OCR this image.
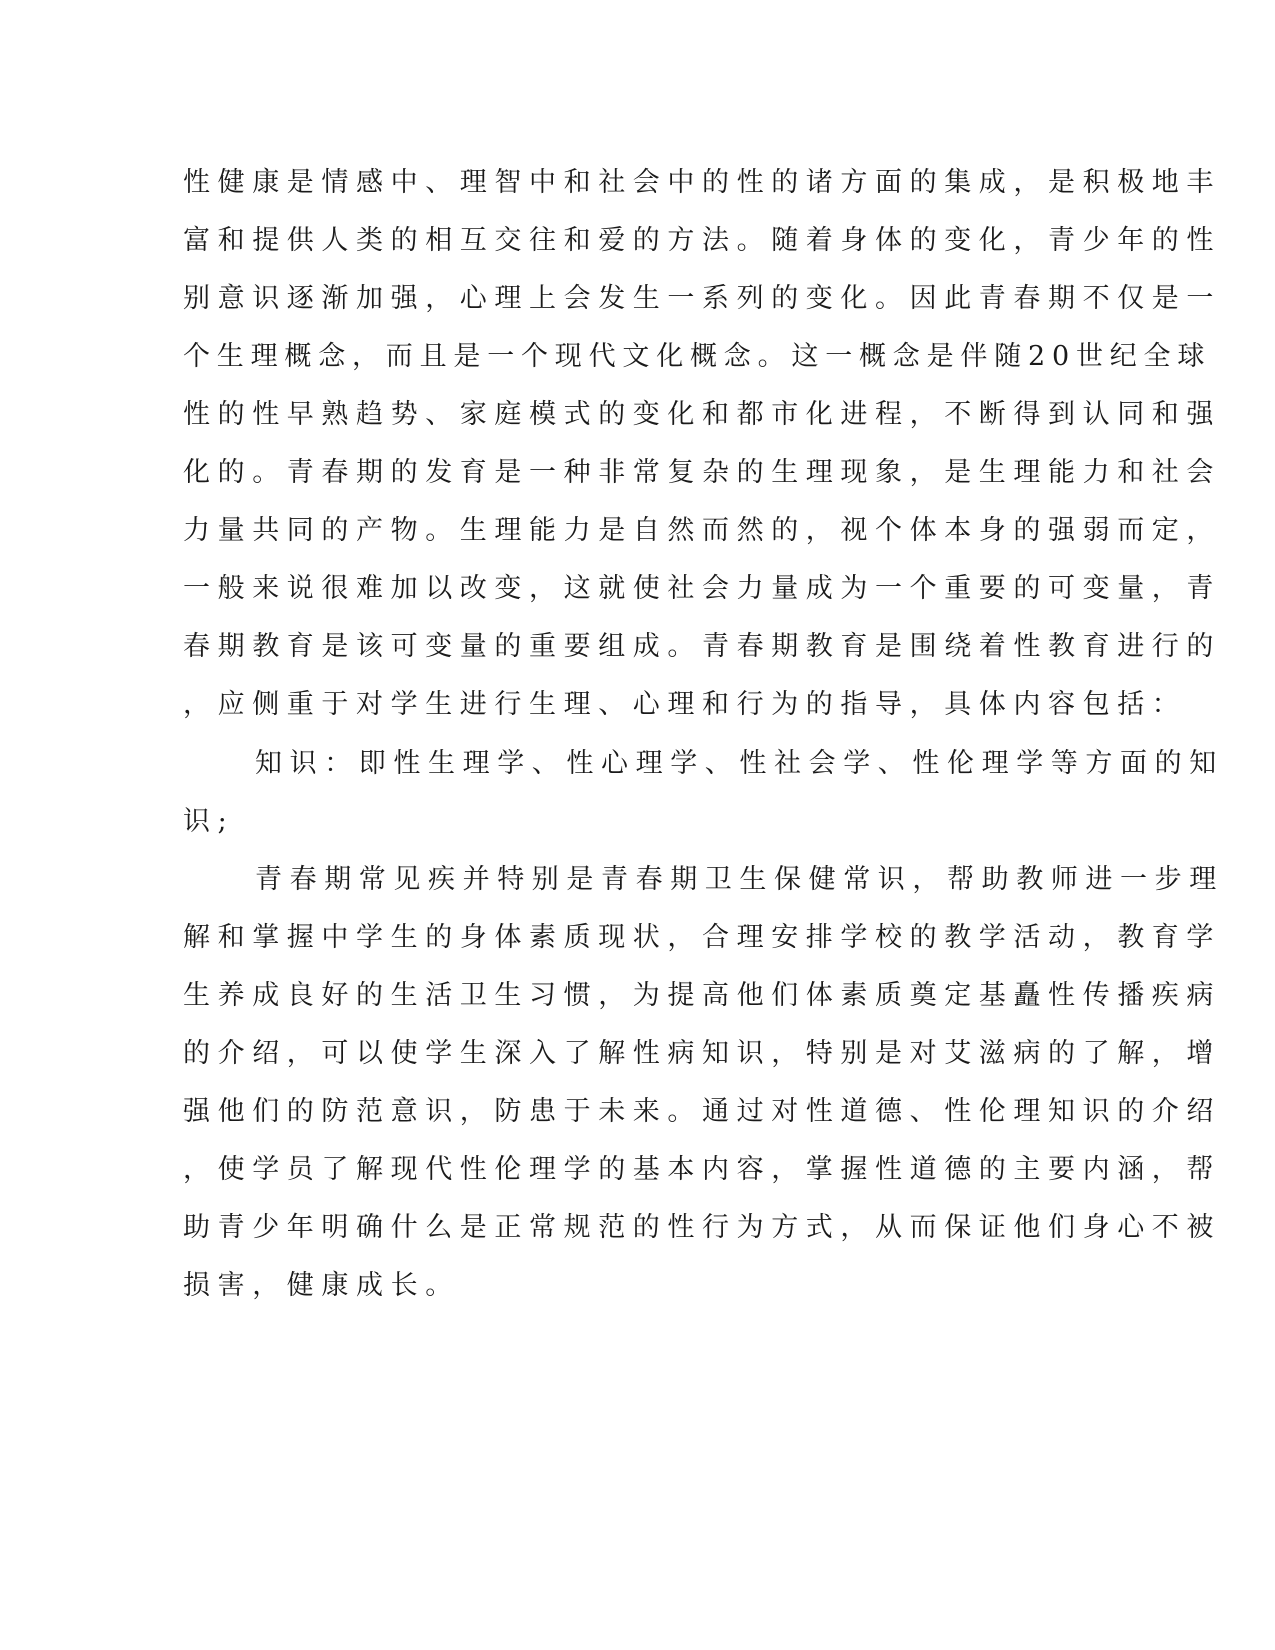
性健康是情感中、理智中和社会中的性的诸方面的集成，是积极地丰
富和提供人类的相互交往和爱的方法。随着身体的变化，青少年的性
别意识逐渐加强，心理上会发生一系列的变化。因此青春期不仅是一
个生理概念，而且是一个现代文化概念。这一概念是伴随20世纪全球
性的性早熟趋势、家庭模式的变化和都市化进程，不断得到认同和强
化的。青春期的发育是一种非常复杂的生理现象，是生理能力和社会
力量共同的产物。生理能力是自然而然的，视个体本身的强弱而定，
一般来说很难加以改变，这就使社会力量成为一个重要的可变量，青
春期教育是该可变量的重要组成。青春期教育是围绕着性教育进行的
，应侧重于对学生进行生理、心理和行为的指导，具体内容包括：
知识：即性生理学、性心理学、性社会学、性伦理学等方面的知
识;
青春期常见疾并特别是青春期卫生保健常识，帮助教师进一步理
解和掌握中学生的身体素质现状，合理安排学校的教学活动，教育学
生养成良好的生活卫生习惯，为提高他们体素质奠定基矗性传播疾病
的介绍，可以使学生深入了解性病知识，特别是对艾滋病的了解，增
强他们的防范意识，防患于未来。通过对性道德、性伦理知识的介绍
，使学员了解现代性伦理学的基本内容，掌握性道德的主要内涵，帮
助青少年明确什么是正常规范的性行为方式，从而保证他们身心不被
损害，健康成长。
